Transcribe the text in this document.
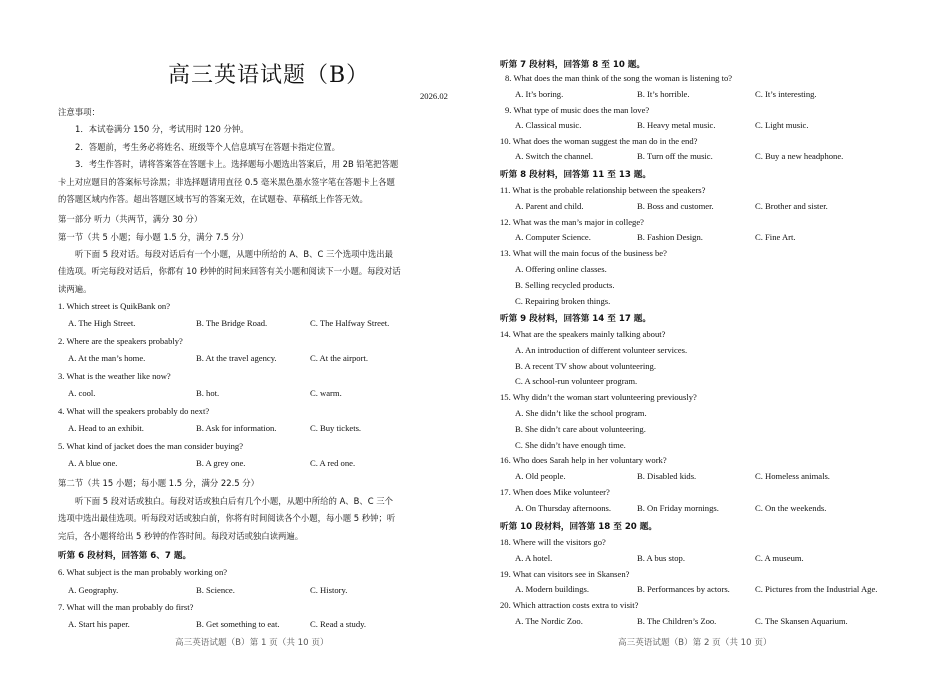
高三英语试题（B）
2026.02
注意事项：
1．本试卷满分 150 分，考试用时 120 分钟。
2．答题前，考生务必将姓名、班级等个人信息填写在答题卡指定位置。
3．考生作答时，请将答案答在答题卡上。选择题每小题选出答案后，用 2B 铅笔把答题
卡上对应题目的答案标号涂黑；非选择题请用直径 0.5 毫米黑色墨水签字笔在答题卡上各题
的答题区域内作答。超出答题区域书写的答案无效，在试题卷、草稿纸上作答无效。
第一部分 听力（共两节，满分 30 分）
第一节（共 5 小题；每小题 1.5 分，满分 7.5 分）
听下面 5 段对话。每段对话后有一个小题，从题中所给的 A、B、C 三个选项中选出最
佳选项。听完每段对话后，你都有 10 秒钟的时间来回答有关小题和阅读下一小题。每段对话
读两遍。
1. Which street is QuikBank on?
A. The High Street.	B. The Bridge Road.	C. The Halfway Street.
2. Where are the speakers probably?
A. At the man’s home.	B. At the travel agency.	C. At the airport.
3. What is the weather like now?
A. cool.	B. hot.	C. warm.
4. What will the speakers probably do next?
A. Head to an exhibit.	B. Ask for information.	C. Buy tickets.
5. What kind of jacket does the man consider buying?
A. A blue one.	B. A grey one.	C. A red one.
第二节（共 15 小题；每小题 1.5 分，满分 22.5 分）
听下面 5 段对话或独白。每段对话或独白后有几个小题，从题中所给的 A、B、C 三个
选项中选出最佳选项。听每段对话或独白前，你将有时间阅读各个小题，每小题 5 秒钟；听
完后，各小题将给出 5 秒钟的作答时间。每段对话或独白读两遍。
听第 6 段材料，回答第 6、7 题。
6. What subject is the man probably working on?
A. Geography.	B. Science.	C. History.
7. What will the man probably do first?
A. Start his paper.	B. Get something to eat.	C. Read a study.
高三英语试题（B）第 1 页（共 10 页）
听第 7 段材料，回答第 8 至 10 题。
8. What does the man think of the song the woman is listening to?
A. It’s boring.	B. It’s horrible.	C. It’s interesting.
9. What type of music does the man love?
A. Classical music.	B. Heavy metal music.	C. Light music.
10. What does the woman suggest the man do in the end?
A. Switch the channel.	B. Turn off the music.	C. Buy a new headphone.
听第 8 段材料，回答第 11 至 13 题。
11. What is the probable relationship between the speakers?
A. Parent and child.	B. Boss and customer.	C. Brother and sister.
12. What was the man’s major in college?
A. Computer Science.	B. Fashion Design.	C. Fine Art.
13. What will the main focus of the business be?
A. Offering online classes.
B. Selling recycled products.
C. Repairing broken things.
听第 9 段材料，回答第 14 至 17 题。
14. What are the speakers mainly talking about?
A. An introduction of different volunteer services.
B. A recent TV show about volunteering.
C. A school-run volunteer program.
15. Why didn’t the woman start volunteering previously?
A. She didn’t like the school program.
B. She didn’t care about volunteering.
C. She didn’t have enough time.
16. Who does Sarah help in her voluntary work?
A. Old people.	B. Disabled kids.	C. Homeless animals.
17. When does Mike volunteer?
A. On Thursday afternoons.	B. On Friday mornings.	C. On the weekends.
听第 10 段材料，回答第 18 至 20 题。
18. Where will the visitors go?
A. A hotel.	B. A bus stop.	C. A museum.
19. What can visitors see in Skansen?
A. Modern buildings.	B. Performances by actors.	C. Pictures from the Industrial Age.
20. Which attraction costs extra to visit?
A. The Nordic Zoo.	B. The Children’s Zoo.	C. The Skansen Aquarium.
高三英语试题（B）第 2 页（共 10 页）
